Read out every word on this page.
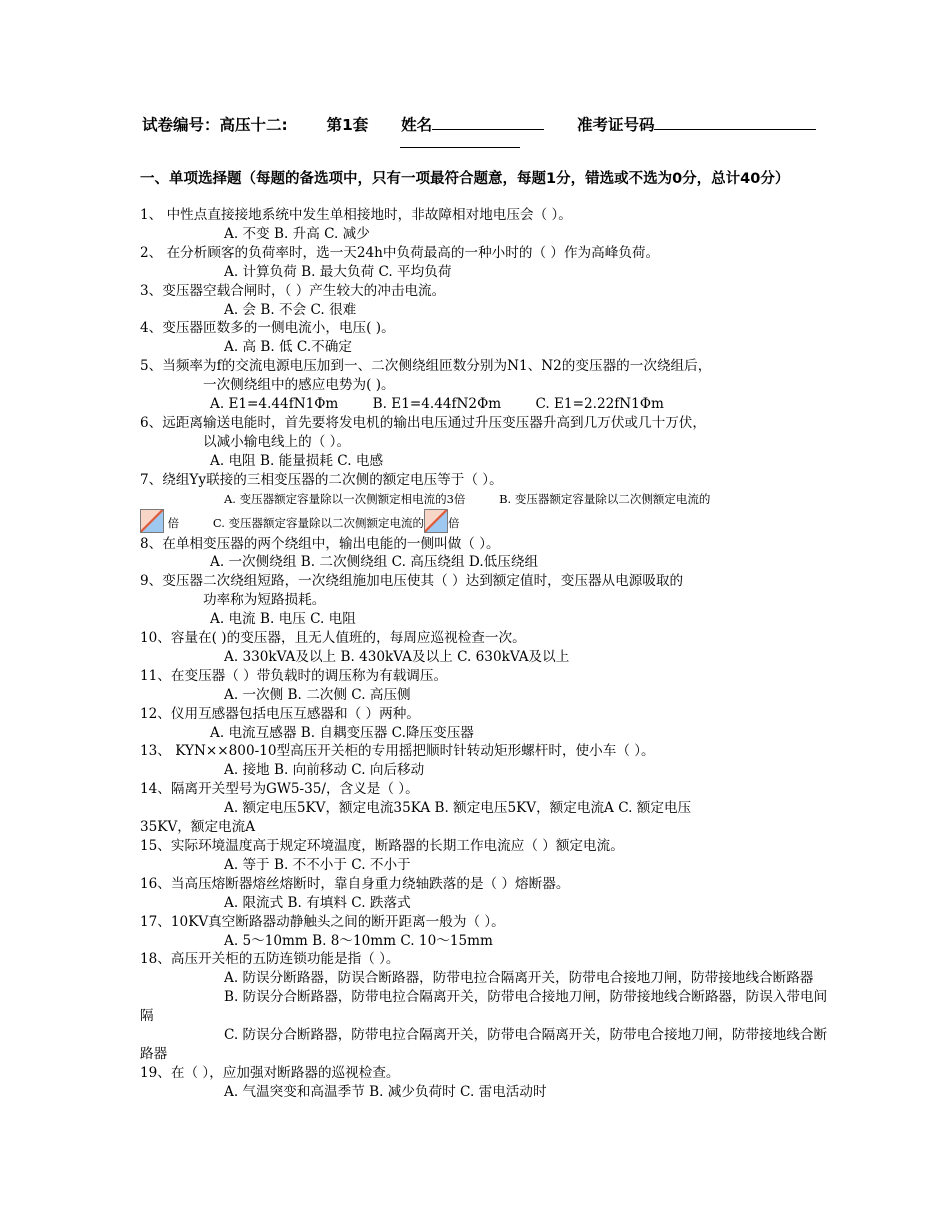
试卷编号：高压十二:	第1套 姓名	准考证号码
一、单项选择题（每题的备选项中，只有一项最符合题意，每题1分，错选或不选为0分，总计40分）
1、 中性点直接接地系统中发生单相接地时，非故障相对地电压会（ ）。
A. 不变 B. 升高 C. 减少
2、 在分析顾客的负荷率时，选一天24h中负荷最高的一种小时的（ ）作为高峰负荷。
A. 计算负荷 B. 最大负荷 C. 平均负荷
3、变压器空载合闸时，（ ）产生较大的冲击电流。
A. 会 B. 不会 C. 很难
4、变压器匝数多的一侧电流小，电压( )。
A. 高 B. 低 C.不确定
5、当频率为f的交流电源电压加到一、二次侧绕组匝数分别为N1、N2的变压器的一次绕组后，
一次侧绕组中的感应电势为( )。
A. E1=4.44fN1Φm	B. E1=4.44fN2Φm	C. E1=2.22fN1Φm
6、远距离输送电能时，首先要将发电机的输出电压通过升压变压器升高到几万伏或几十万伏，
以减小输电线上的（ ）。
A. 电阻 B. 能量损耗 C. 电感
7、绕组Yy联接的三相变压器的二次侧的额定电压等于（ ）。
A. 变压器额定容量除以一次侧额定相电流的3倍	B. 变压器额定容量除以二次侧额定电流的
倍	C. 变压器额定容量除以二次侧额定电流的 倍
8、在单相变压器的两个绕组中，输出电能的一侧叫做（ ）。
A. 一次侧绕组 B. 二次侧绕组 C. 高压绕组 D.低压绕组
9、变压器二次绕组短路，一次绕组施加电压使其（ ）达到额定值时，变压器从电源吸取的
功率称为短路损耗。
A. 电流 B. 电压 C. 电阻
10、容量在( )的变压器，且无人值班的，每周应巡视检查一次。
A. 330kVA及以上 B. 430kVA及以上 C. 630kVA及以上
11、在变压器（ ）带负载时的调压称为有载调压。
A. 一次侧 B. 二次侧 C. 高压侧
12、仪用互感器包括电压互感器和（ ）两种。
A. 电流互感器 B. 自耦变压器 C.降压变压器
13、 KYN××800-10型高压开关柜的专用摇把顺时针转动矩形螺杆时，使小车（ ）。
A. 接地 B. 向前移动 C. 向后移动
14、隔离开关型号为GW5-35/，含义是（ ）。
A. 额定电压5KV，额定电流35KA B. 额定电压5KV，额定电流A C. 额定电压
35KV，额定电流A
15、实际环境温度高于规定环境温度，断路器的长期工作电流应（ ）额定电流。
A. 等于 B. 不不小于 C. 不小于
16、当高压熔断器熔丝熔断时，靠自身重力绕轴跌落的是（ ）熔断器。
A. 限流式 B. 有填料 C. 跌落式
17、10KV真空断路器动静触头之间的断开距离一般为（ ）。
A. 5～10mm B. 8～10mm C. 10～15mm
18、高压开关柜的五防连锁功能是指（ ）。
A. 防误分断路器，防误合断路器，防带电拉合隔离开关，防带电合接地刀闸，防带接地线合断路器
B. 防误分合断路器，防带电拉合隔离开关，防带电合接地刀闸，防带接地线合断路器，防误入带电间隔
C. 防误分合断路器，防带电拉合隔离开关，防带电合隔离开关，防带电合接地刀闸，防带接地线合断路器
19、在（ ），应加强对断路器的巡视检查。
A. 气温突变和高温季节 B. 减少负荷时 C. 雷电活动时
